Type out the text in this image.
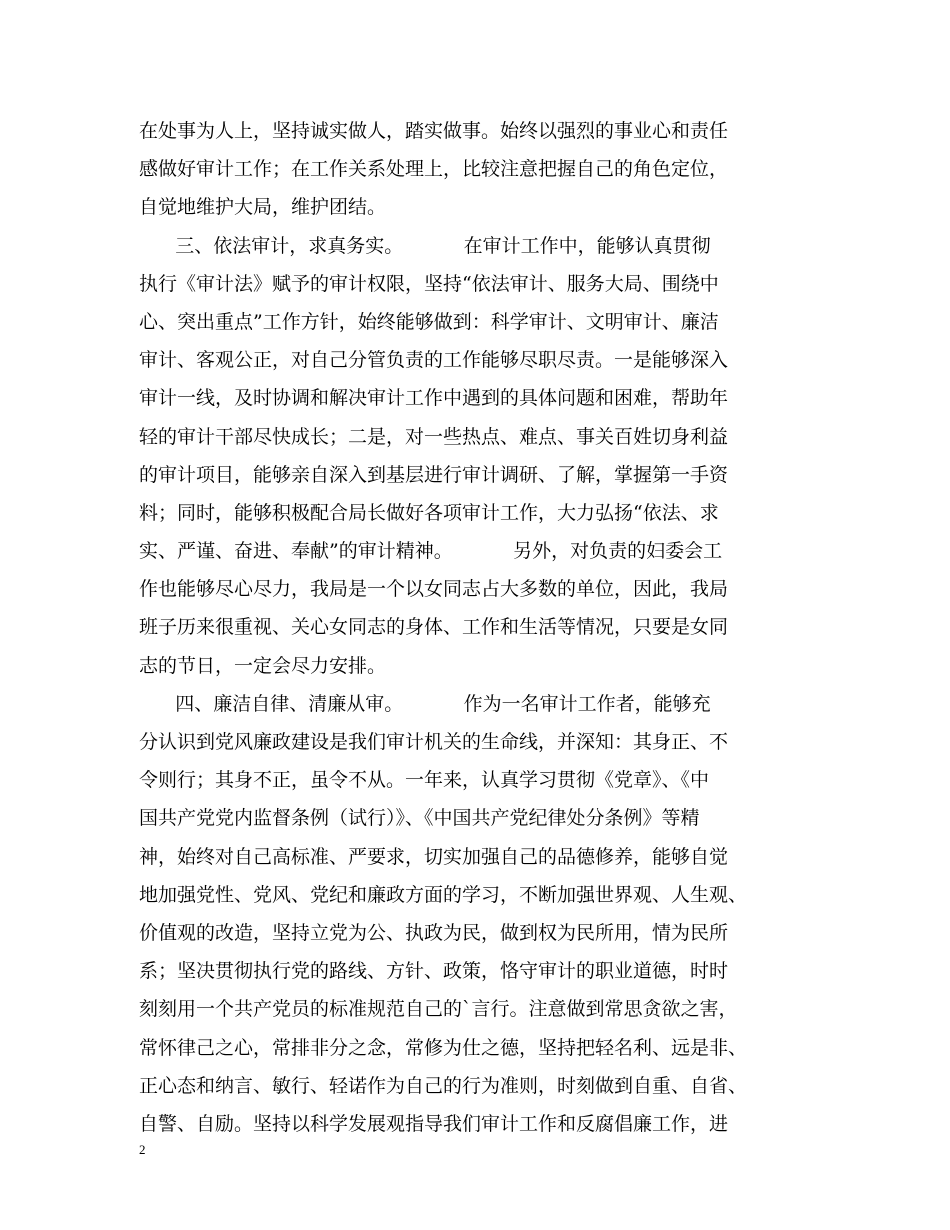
在处事为人上，坚持诚实做人，踏实做事。始终以强烈的事业心和责任
感做好审计工作；在工作关系处理上，比较注意把握自己的角色定位，
自觉地维护大局，维护团结。
三、依法审计，求真务实。          在审计工作中，能够认真贯彻
执行《审计法》赋予的审计权限，坚持“依法审计、服务大局、围绕中
心、突出重点”工作方针，始终能够做到：科学审计、文明审计、廉洁
审计、客观公正，对自己分管负责的工作能够尽职尽责。一是能够深入
审计一线，及时协调和解决审计工作中遇到的具体问题和困难，帮助年
轻的审计干部尽快成长；二是，对一些热点、难点、事关百姓切身利益
的审计项目，能够亲自深入到基层进行审计调研、了解，掌握第一手资
料；同时，能够积极配合局长做好各项审计工作，大力弘扬“依法、求
实、严谨、奋进、奉献”的审计精神。          另外，对负责的妇委会工
作也能够尽心尽力，我局是一个以女同志占大多数的单位，因此，我局
班子历来很重视、关心女同志的身体、工作和生活等情况，只要是女同
志的节日，一定会尽力安排。
四、廉洁自律、清廉从审。          作为一名审计工作者，能够充
分认识到党风廉政建设是我们审计机关的生命线，并深知：其身正、不
令则行；其身不正，虽令不从。一年来，认真学习贯彻《党章》、《中
国共产党党内监督条例（试行）》、《中国共产党纪律处分条例》等精
神，始终对自己高标准、严要求，切实加强自己的品德修养，能够自觉
地加强党性、党风、党纪和廉政方面的学习，不断加强世界观、人生观、
价值观的改造，坚持立党为公、执政为民，做到权为民所用，情为民所
系；坚决贯彻执行党的路线、方针、政策，恪守审计的职业道德，时时
刻刻用一个共产党员的标准规范自己的`言行。注意做到常思贪欲之害，
常怀律己之心，常排非分之念，常修为仕之德，坚持把轻名利、远是非、
正心态和纳言、敏行、轻诺作为自己的行为准则，时刻做到自重、自省、
自警、自励。坚持以科学发展观指导我们审计工作和反腐倡廉工作，进
2
